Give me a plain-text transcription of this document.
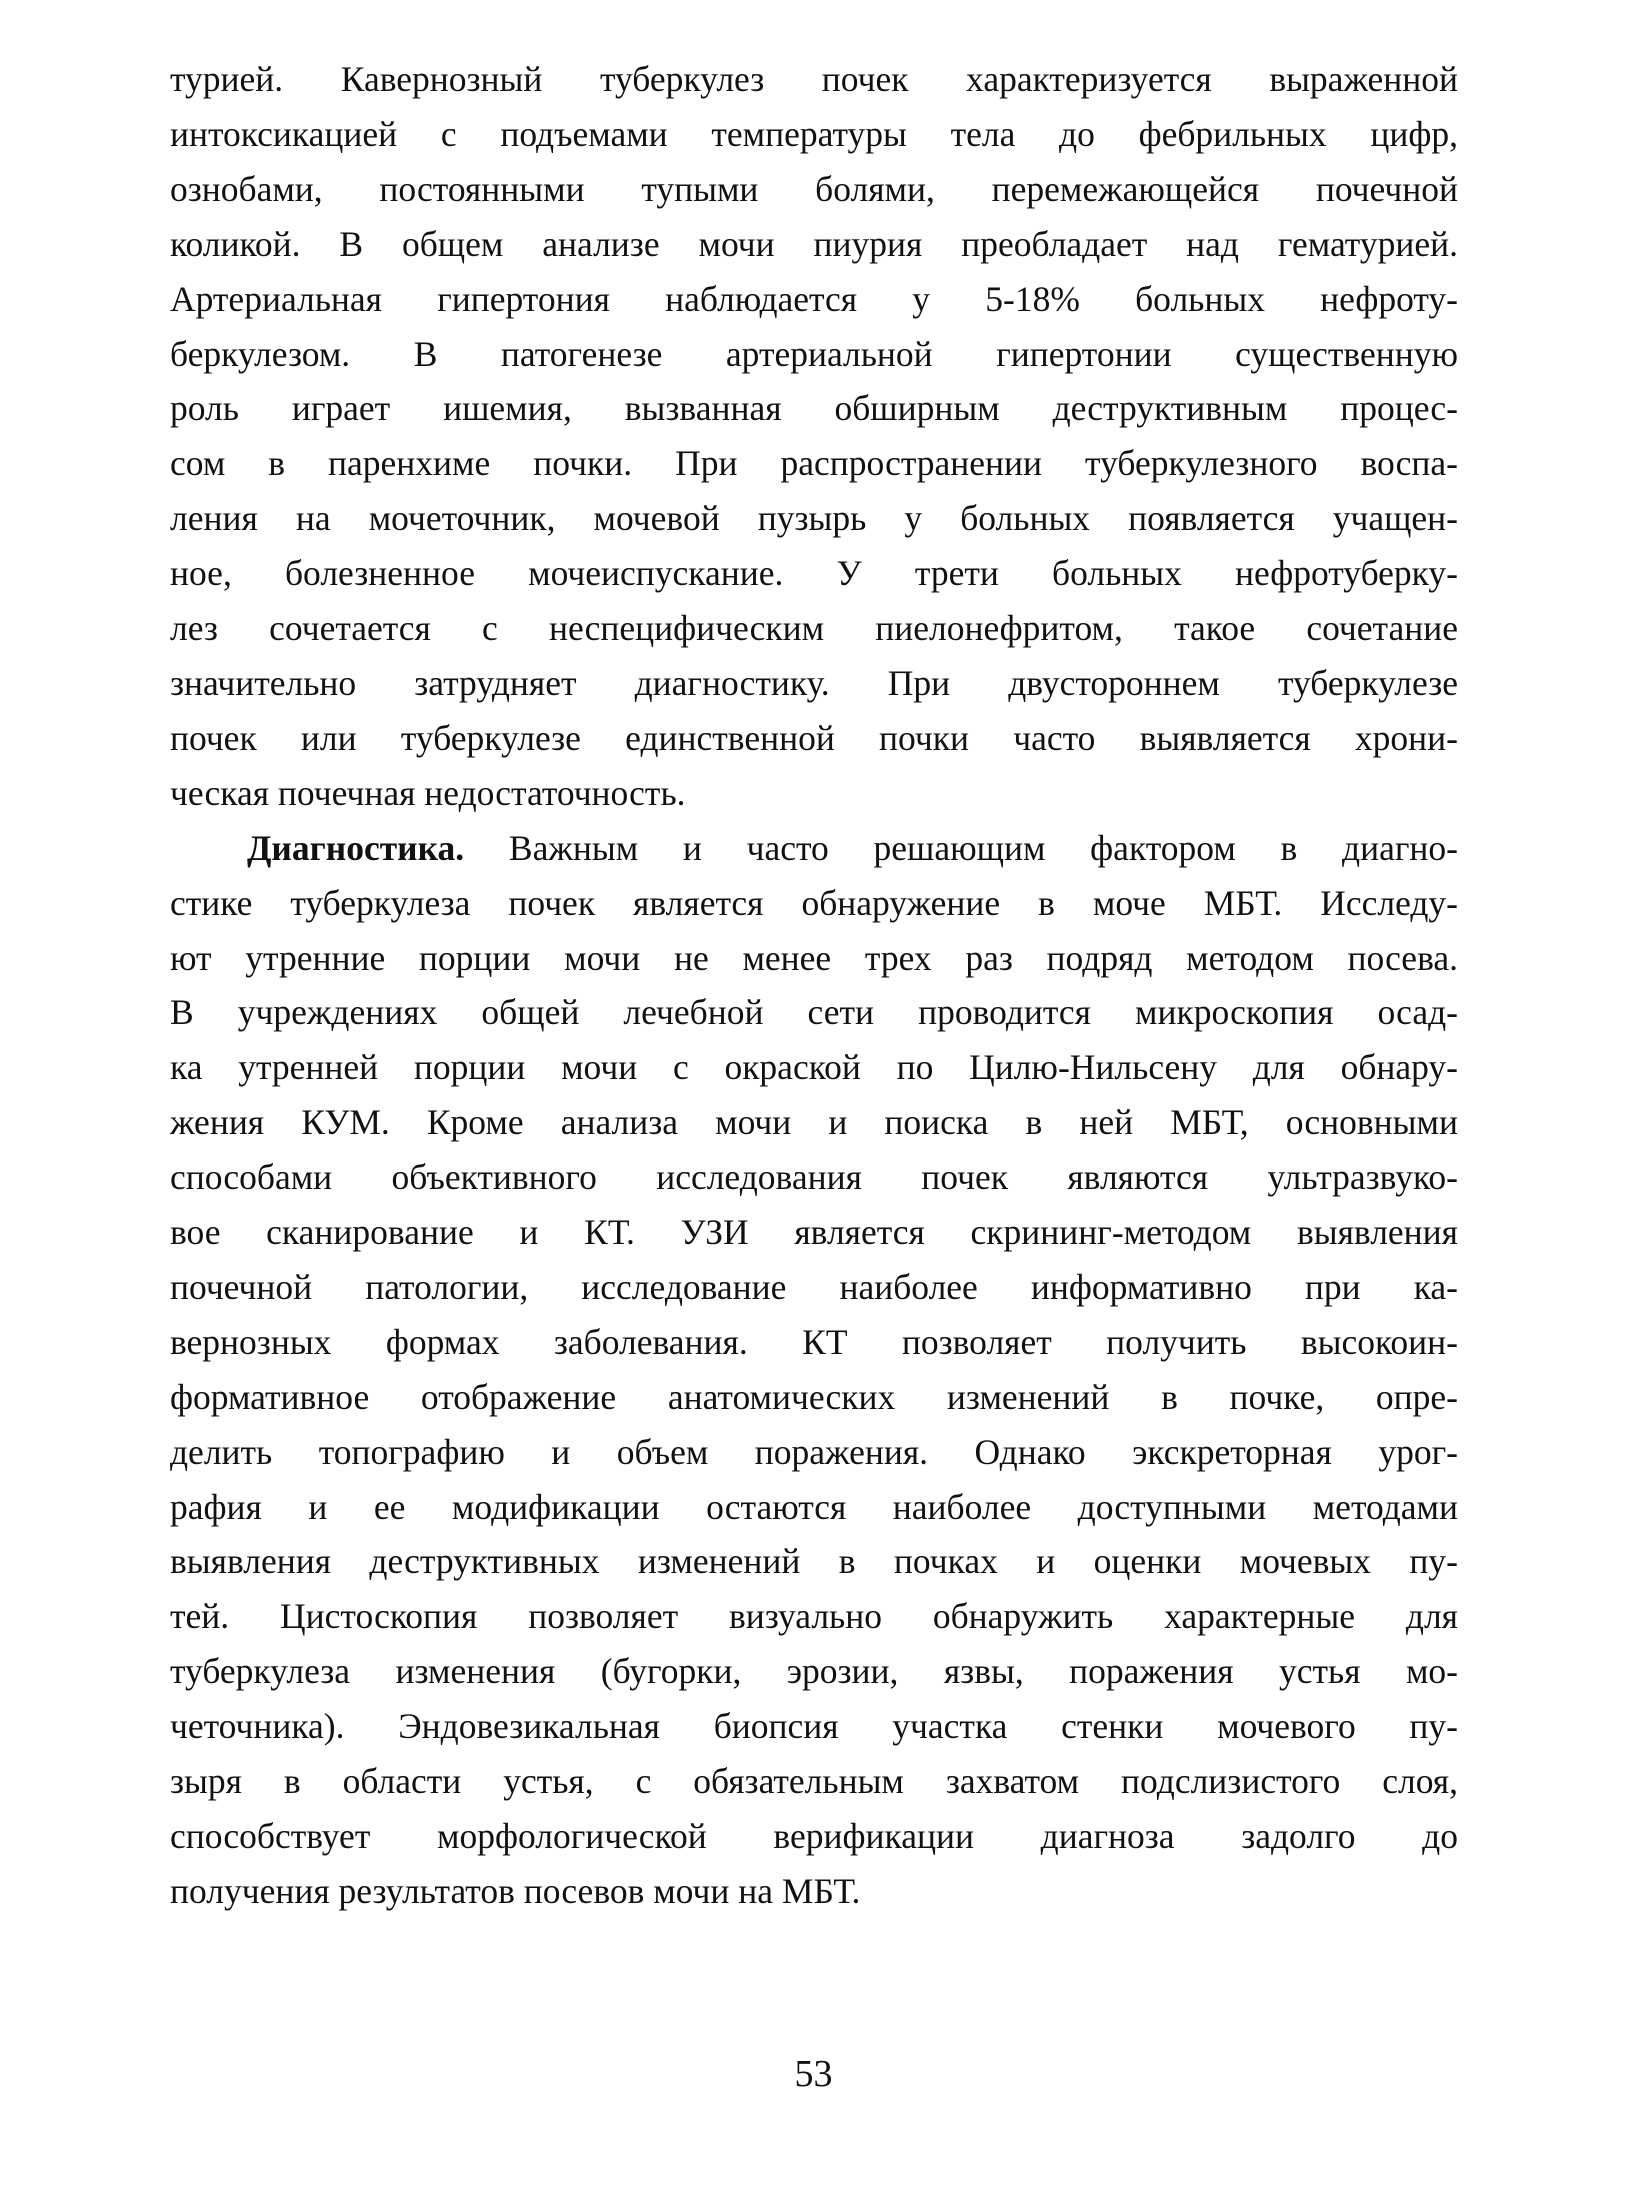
турией. Кавернозный туберкулез почек характеризуется выраженной
интоксикацией с подъемами температуры тела до фебрильных цифр,
ознобами, постоянными тупыми болями, перемежающейся почечной
коликой. В общем анализе мочи пиурия преобладает над гематурией.
Артериальная гипертония наблюдается у 5-18% больных нефроту-
беркулезом. В патогенезе артериальной гипертонии существенную
роль играет ишемия, вызванная обширным деструктивным процес-
сом в паренхиме почки. При распространении туберкулезного воспа-
ления на мочеточник, мочевой пузырь у больных появляется учащен-
ное, болезненное мочеиспускание. У трети больных нефротуберку-
лез сочетается с неспецифическим пиелонефритом, такое сочетание
значительно затрудняет диагностику. При двустороннем туберкулезе
почек или туберкулезе единственной почки часто выявляется хрони-
ческая почечная недостаточность.
Диагностика. Важным и часто решающим фактором в диагно-
стике туберкулеза почек является обнаружение в моче МБТ. Исследу-
ют утренние порции мочи не менее трех раз подряд методом посева.
В учреждениях общей лечебной сети проводится микроскопия осад-
ка утренней порции мочи с окраской по Цилю-Нильсену для обнару-
жения КУМ. Кроме анализа мочи и поиска в ней МБТ, основными
способами объективного исследования почек являются ультразвуко-
вое сканирование и КТ. УЗИ является скрининг-методом выявления
почечной патологии, исследование наиболее информативно при ка-
вернозных формах заболевания. КТ позволяет получить высокоин-
формативное отображение анатомических изменений в почке, опре-
делить топографию и объем поражения. Однако экскреторная урог-
рафия и ее модификации остаются наиболее доступными методами
выявления деструктивных изменений в почках и оценки мочевых пу-
тей. Цистоскопия позволяет визуально обнаружить характерные для
туберкулеза изменения (бугорки, эрозии, язвы, поражения устья мо-
четочника). Эндовезикальная биопсия участка стенки мочевого пу-
зыря в области устья, с обязательным захватом подслизистого слоя,
способствует морфологической верификации диагноза задолго до
получения результатов посевов мочи на МБТ.
53
